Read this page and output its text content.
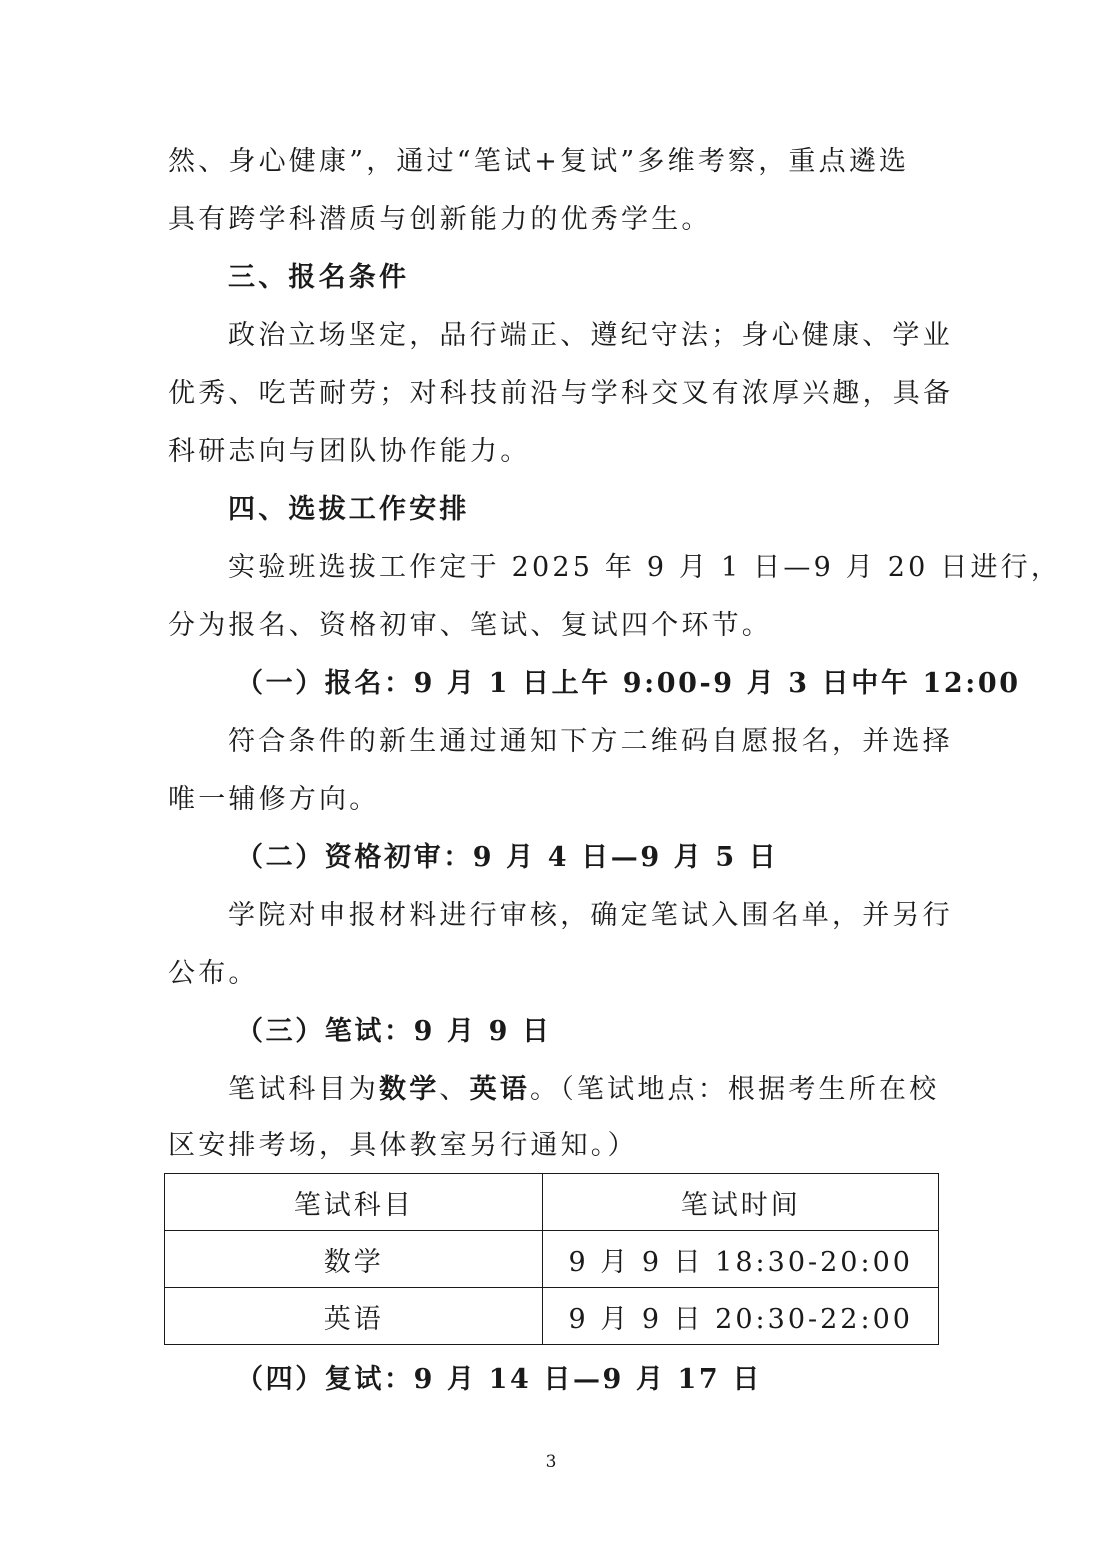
然、身心健康”，通过“笔试+复试”多维考察，重点遴选
具有跨学科潜质与创新能力的优秀学生。
三、报名条件
政治立场坚定，品行端正、遵纪守法；身心健康、学业
优秀、吃苦耐劳；对科技前沿与学科交叉有浓厚兴趣，具备
科研志向与团队协作能力。
四、选拔工作安排
实验班选拔工作定于 2025 年 9 月 1 日—9 月 20 日进行，
分为报名、资格初审、笔试、复试四个环节。
（一）报名：9 月 1 日上午 9:00-9 月 3 日中午 12:00
符合条件的新生通过通知下方二维码自愿报名，并选择
唯一辅修方向。
（二）资格初审：9 月 4 日—9 月 5 日
学院对申报材料进行审核，确定笔试入围名单，并另行
公布。
（三）笔试：9 月 9 日
笔试科目为数学、英语。（笔试地点：根据考生所在校
区安排考场，具体教室另行通知。）
笔试科目	笔试时间
数学	9 月 9 日 18:30-20:00
英语	9 月 9 日 20:30-22:00
（四）复试：9 月 14 日—9 月 17 日
3
